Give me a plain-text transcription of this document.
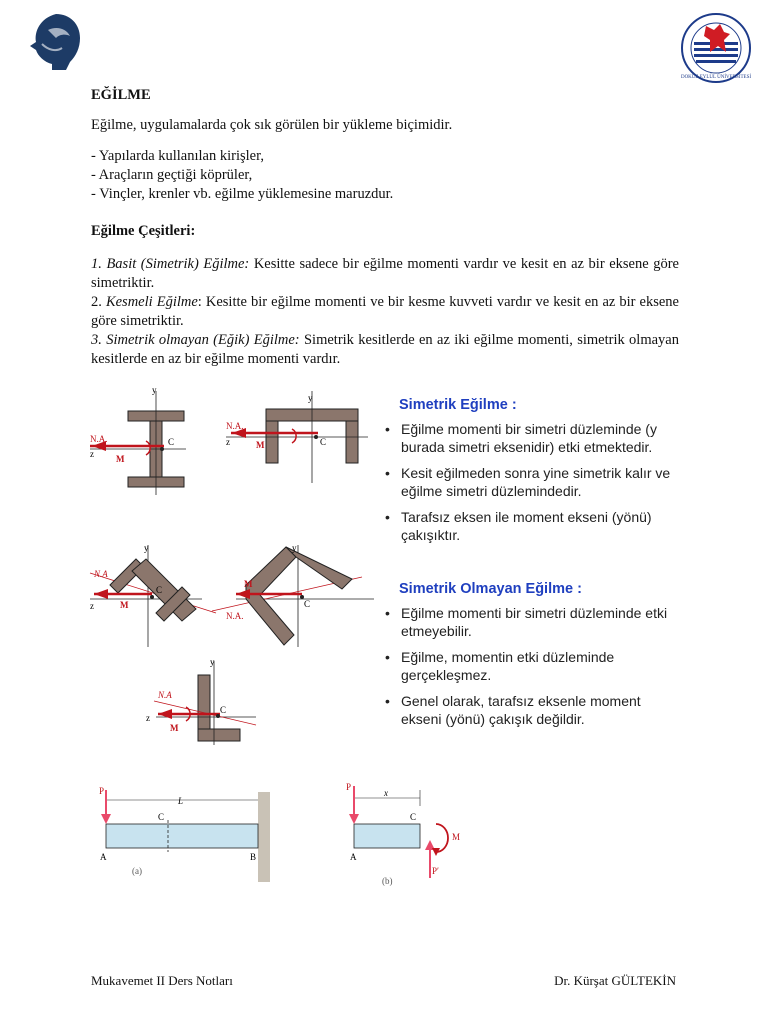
DOKUZ EYLÜL ÜNİVERSİTESİ
EĞİLME
Eğilme, uygulamalarda çok sık görülen bir yükleme biçimidir.
- Yapılarda kullanılan kirişler,
- Araçların geçtiği köprüler,
- Vinçler, krenler vb. eğilme yüklemesine maruzdur.
Eğilme Çeşitleri:
1. Basit (Simetrik) Eğilme: Kesitte sadece bir eğilme momenti vardır ve kesit en az bir eksene göre simetriktir.
2. Kesmeli Eğilme: Kesitte bir eğilme momenti ve bir kesme kuvveti vardır ve kesit en az bir eksene göre simetriktir.
3. Simetrik olmayan (Eğik) Eğilme: Simetrik kesitlerde en az iki eğilme momenti, simetrik olmayan kesitlerde en az bir eğilme momenti vardır.
y
N.A.
z M
C
y
N.A.
z	M	C
y
N.A
z	M
C
y
M
N.A.
C
y
N.A
z
M
C
Simetrik Eğilme :
• Eğilme momenti bir simetri düzleminde (y burada simetri eksenidir) etki etmektedir.
• Kesit eğilmeden sonra yine simetrik kalır ve eğilme simetri düzlemindedir.
• Tarafsız eksen ile moment ekseni (yönü) çakışıktır.
Simetrik Olmayan Eğilme :
• Eğilme momenti bir simetri düzleminde etki etmeyebilir.
• Eğilme, momentin etki düzleminde gerçekleşmez.
• Genel olarak, tarafsız eksenle moment ekseni (yönü) çakışık değildir.
P
L
C
A	B
(a)
P
x
C
A
M
P′
(b)
Mukavemet II Ders Notları	Dr. Kürşat GÜLTEKİN
